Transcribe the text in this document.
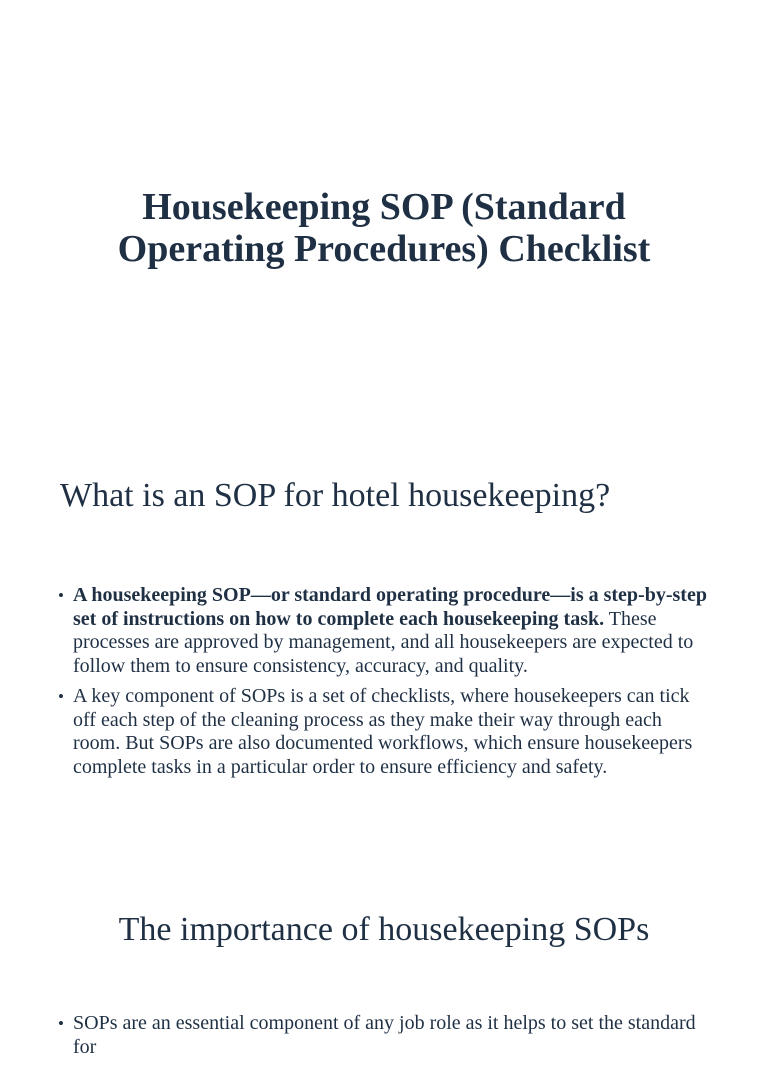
Housekeeping SOP (Standard Operating Procedures) Checklist
What is an SOP for hotel housekeeping?
• A housekeeping SOP—or standard operating procedure—is a step-by-step set of instructions on how to complete each housekeeping task. These processes are approved by management, and all housekeepers are expected to follow them to ensure consistency, accuracy, and quality.
• A key component of SOPs is a set of checklists, where housekeepers can tick off each step of the cleaning process as they make their way through each room. But SOPs are also documented workflows, which ensure housekeepers complete tasks in a particular order to ensure efficiency and safety.
The importance of housekeeping SOPs
• SOPs are an essential component of any job role as it helps to set the standard for
